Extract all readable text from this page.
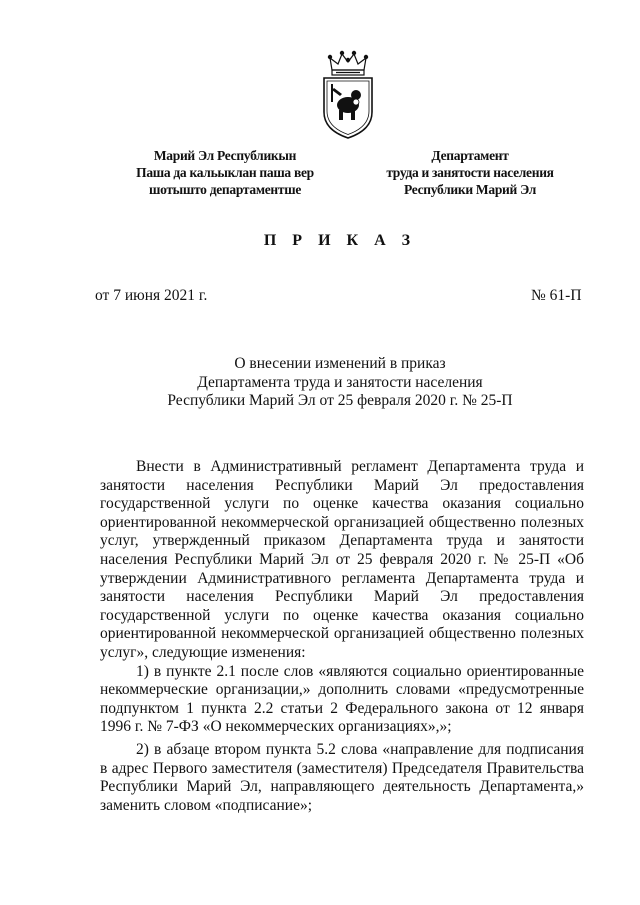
Марий Эл Республикын
Паша да кальыклан паша вер
шотышто департаментше
Департамент
труда и занятости населения
Республики Марий Эл
П Р И К А З
от 7 июня 2021 г.	№ 61-П
О внесении изменений в приказ
Департамента труда и занятости населения
Республики Марий Эл от 25 февраля 2020 г. № 25-П

Внести в Административный регламент Департамента труда и занятости населения Республики Марий Эл предоставления государственной услуги по оценке качества оказания социально ориентированной некоммерческой организацией общественно полезных услуг, утвержденный приказом Департамента труда и занятости населения Республики Марий Эл от 25 февраля 2020 г. № 25-П «Об утверждении Административного регламента Департамента труда и занятости населения Республики Марий Эл предоставления государственной услуги по оценке качества оказания социально ориентированной некоммерческой организацией общественно полезных услуг», следующие изменения:

1) в пункте 2.1 после слов «являются социально ориентированные некоммерческие организации,» дополнить словами «предусмотренные подпунктом 1 пункта 2.2 статьи 2 Федерального закона от 12 января 1996 г. № 7-ФЗ «О некоммерческих организациях»,»;

2) в абзаце втором пункта 5.2 слова «направление для подписания в адрес Первого заместителя (заместителя) Председателя Правительства Республики Марий Эл, направляющего деятельность Департамента,» заменить словом «подписание»;
